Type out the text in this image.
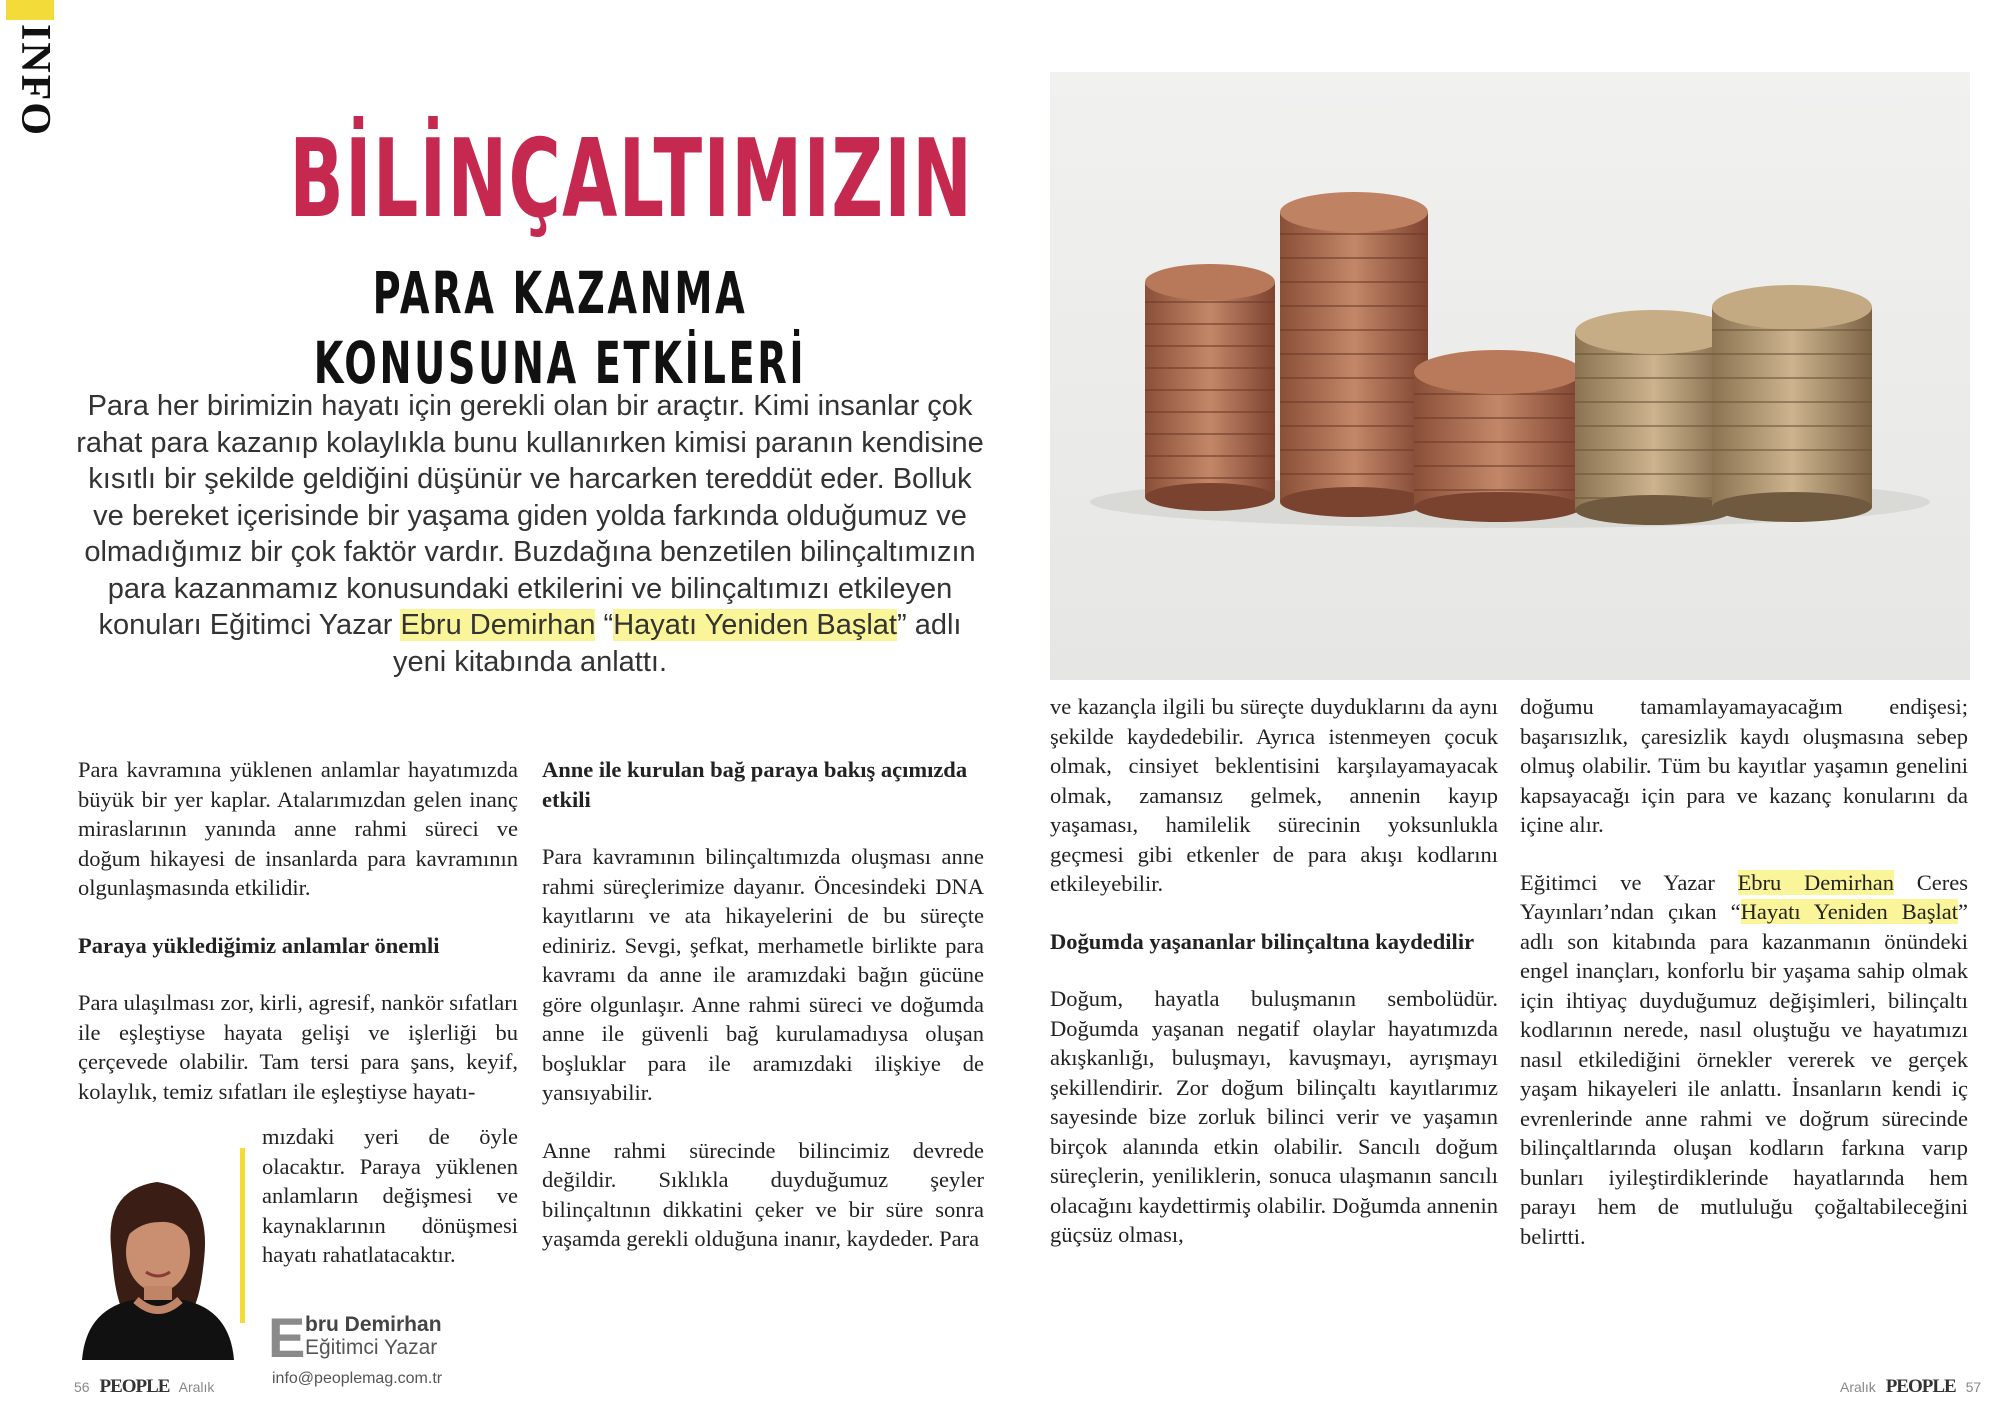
INFO
BİLİNÇALTIMIZIN
PARA KAZANMA KONUSUNA ETKİLERİ
Para her birimizin hayatı için gerekli olan bir araçtır. Kimi insanlar çok rahat para kazanıp kolaylıkla bunu kullanırken kimisi paranın kendisine kısıtlı bir şekilde geldiğini düşünür ve harcarken tereddüt eder. Bolluk ve bereket içerisinde bir yaşama giden yolda farkında olduğumuz ve olmadığımız bir çok faktör vardır. Buzdağına benzetilen bilinçaltımızın para kazanmamız konusundaki etkilerini ve bilinçaltımızı etkileyen konuları Eğitimci Yazar Ebru Demirhan “Hayatı Yeniden Başlat” adlı yeni kitabında anlattı.

Para kavramına yüklenen anlamlar hayatımızda büyük bir yer kaplar. Atalarımızdan gelen inanç miraslarının yanında anne rahmi süreci ve doğum hikayesi de insanlarda para kavramının olgunlaşmasında etkilidir.

Paraya yüklediğimiz anlamlar önemli

Para ulaşılması zor, kirli, agresif, nankör sıfatları ile eşleştiyse hayata gelişi ve işlerliği bu çerçevede olabilir. Tam tersi para şans, keyif, kolaylık, temiz sıfatları ile eşleştiyse hayatı-

mızdaki yeri de öyle olacaktır. Paraya yüklenen anlamların değişmesi ve kaynaklarının dönüşmesi hayatı rahatlatacaktır.

E bru Demirhan
Eğitimci Yazar
info@peoplemag.com.tr
Anne ile kurulan bağ paraya bakış açımızda etkili

Para kavramının bilinçaltımızda oluşması anne rahmi süreçlerimize dayanır. Öncesindeki DNA kayıtlarını ve ata hikayelerini de bu süreçte ediniriz. Sevgi, şefkat, merhametle birlikte para kavramı da anne ile aramızdaki bağın gücüne göre olgunlaşır. Anne rahmi süreci ve doğumda anne ile güvenli bağ kurulamadıysa oluşan boşluklar para ile aramızdaki ilişkiye de yansıyabilir.

Anne rahmi sürecinde bilincimiz devrede değildir. Sıklıkla duyduğumuz şeyler bilinçaltının dikkatini çeker ve bir süre sonra yaşamda gerekli olduğuna inanır, kaydeder. Para

ve kazançla ilgili bu süreçte duyduklarını da aynı şekilde kaydedebilir. Ayrıca istenmeyen çocuk olmak, cinsiyet beklentisini karşılayamayacak olmak, zamansız gelmek, annenin kayıp yaşaması, hamilelik sürecinin yoksunlukla geçmesi gibi etkenler de para akışı kodlarını etkileyebilir.

Doğumda yaşananlar bilinçaltına kaydedilir

Doğum, hayatla buluşmanın sembolüdür. Doğumda yaşanan negatif olaylar hayatımızda akışkanlığı, buluşmayı, kavuşmayı, ayrışmayı şekillendirir. Zor doğum bilinçaltı kayıtlarımız sayesinde bize zorluk bilinci verir ve yaşamın birçok alanında etkin olabilir. Sancılı doğum süreçlerin, yeniliklerin, sonuca ulaşmanın sancılı olacağını kaydettirmiş olabilir. Doğumda annenin güçsüz olması,

doğumu tamamlayamayacağım endişesi; başarısızlık, çaresizlik kaydı oluşmasına sebep olmuş olabilir. Tüm bu kayıtlar yaşamın genelini kapsayacağı için para ve kazanç konularını da içine alır.

Eğitimci ve Yazar Ebru Demirhan Ceres Yayınları’ndan çıkan “Hayatı Yeniden Başlat” adlı son kitabında para kazanmanın önündeki engel inançları, konforlu bir yaşama sahip olmak için ihtiyaç duyduğumuz değişimleri, bilinçaltı kodlarının nerede, nasıl oluştuğu ve hayatımızı nasıl etkilediğini örnekler vererek ve gerçek yaşam hikayeleri ile anlattı. İnsanların kendi iç evrenlerinde anne rahmi ve doğrum sürecinde bilinçaltlarında oluşan kodların farkına varıp bunları iyileştirdiklerinde hayatlarında hem parayı hem de mutluluğu çoğaltabileceğini belirtti.

56 PEOPLE Aralık	Aralık PEOPLE 57
